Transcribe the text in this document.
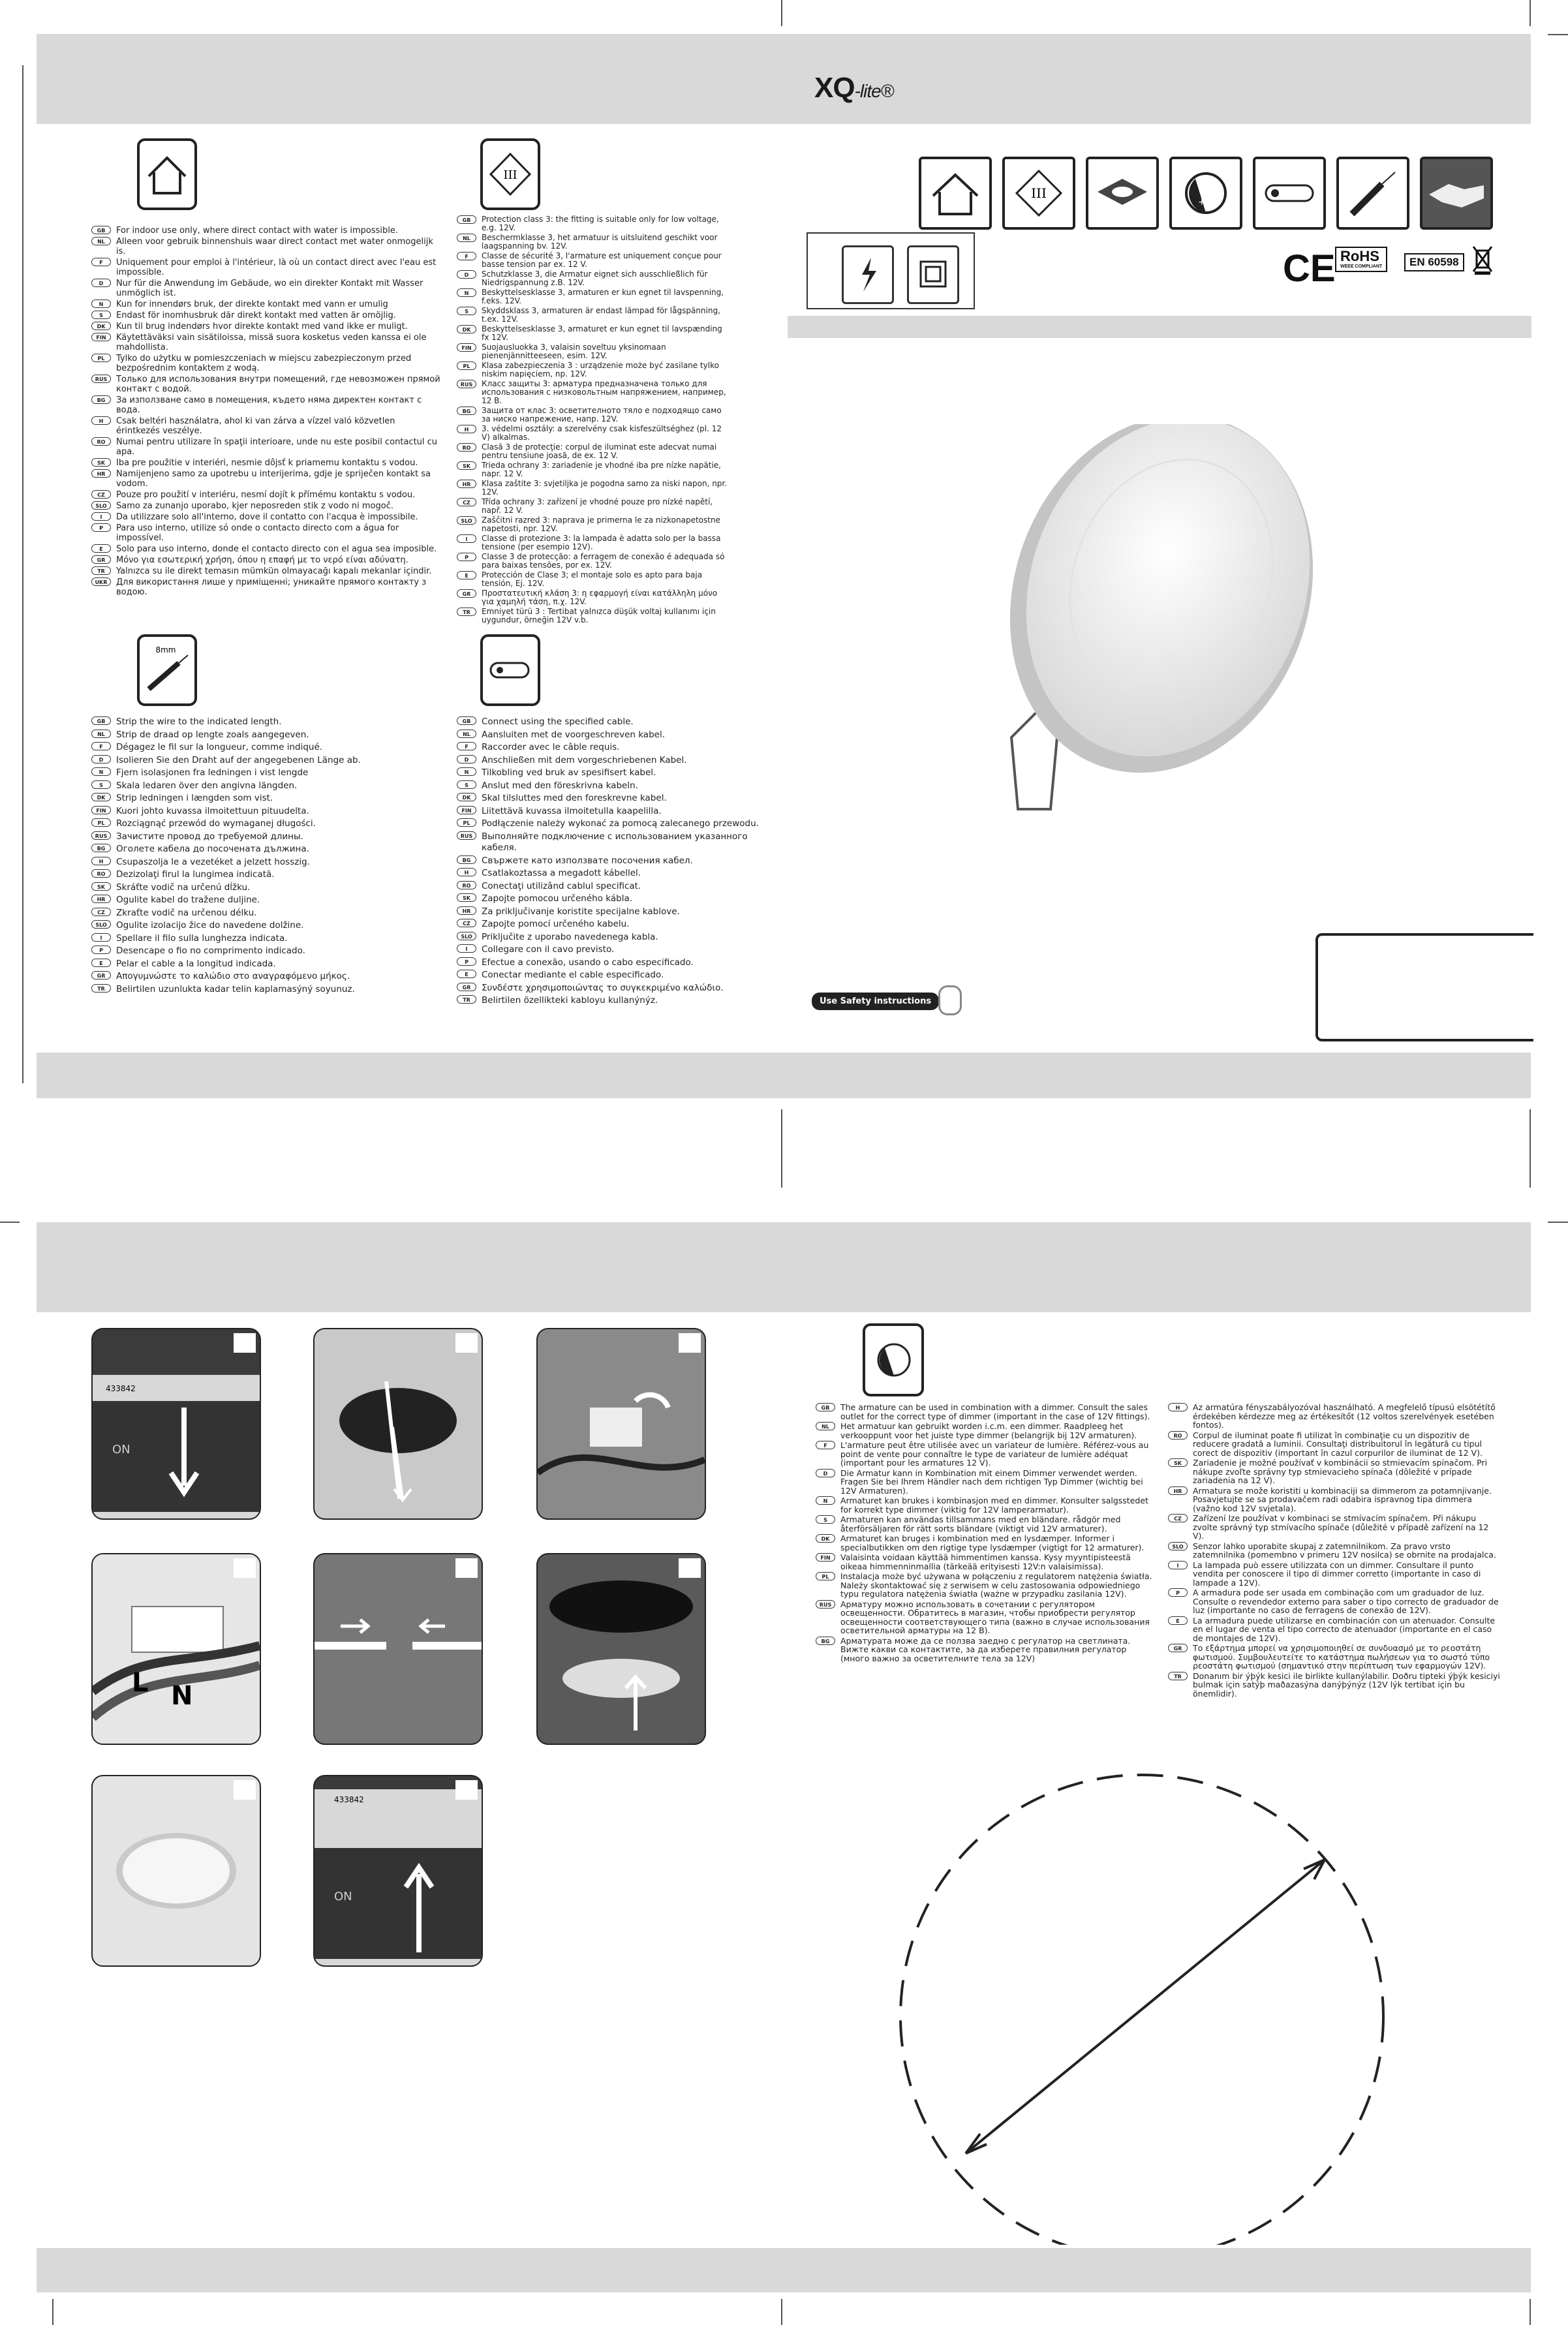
XQ-lite®
III
8mm
III
+
CE RoHS
WEEE COMPLIANT	EN 60598
Use Safety instructions
GB	For indoor use only, where direct contact with water is impossible.
NL	Alleen voor gebruik binnenshuis waar direct contact met water onmogelijk is.
F	Uniquement pour emploi à l'intérieur, là où un contact direct avec l'eau est impossible.
D	Nur für die Anwendung im Gebäude, wo ein direkter Kontakt mit Wasser unmöglich ist.
N	Kun for innendørs bruk, der direkte kontakt med vann er umulig
S	Endast för inomhusbruk där direkt kontakt med vatten är omöjlig.
DK	Kun til brug indendørs hvor direkte kontakt med vand ikke er muligt.
FIN	Käytettäväksi vain sisätiloissa, missä suora kosketus veden kanssa ei ole mahdollista.
PL	Tylko do użytku w pomieszczeniach w miejscu zabezpieczonym przed bezpośrednim kontaktem z wodą.
RUS	Только для использования внутри помещений, где невозможен прямой контакт с водой.
BG	За използване само в помещения, където няма директен контакт с вода.
H	Csak beltéri használatra, ahol ki van zárva a vízzel való közvetlen érintkezés veszélye.
RO	Numai pentru utilizare în spaţii interioare, unde nu este posibil contactul cu apa.
SK	Iba pre použitie v interiéri, nesmie dôjsť k priamemu kontaktu s vodou.
HR	Namijenjeno samo za upotrebu u interijerima, gdje je spriječen kontakt sa vodom.
CZ	Pouze pro použití v interiéru, nesmí dojít k přímému kontaktu s vodou.
SLO	Samo za zunanjo uporabo, kjer neposreden stik z vodo ni mogoč.
I	Da utilizzare solo all'interno, dove il contatto con l'acqua è impossibile.
P	Para uso interno, utilize só onde o contacto directo com a água for impossível.
E	Solo para uso interno, donde el contacto directo con el agua sea imposible.
GR	Μόνο για εσωτερική χρήση, όπου η επαφή με το νερό είναι αδύνατη.
TR	Yalnızca su ile direkt temasın mümkün olmayacağı kapalı mekanlar içindir.
UKR	Для використання лише у приміщенні; уникайте прямого контакту з водою.
GB	Protection class 3: the fitting is suitable only for low voltage, e.g. 12V.
NL	Beschermklasse 3, het armatuur is uitsluitend geschikt voor laagspanning bv. 12V.
F	Classe de sécurité 3, l'armature est uniquement conçue pour basse tension par ex. 12 V.
D	Schutzklasse 3, die Armatur eignet sich ausschließlich für Niedrigspannung z.B. 12V.
N	Beskyttelsesklasse 3, armaturen er kun egnet til lavspenning, f.eks. 12V.
S	Skyddsklass 3, armaturen är endast lämpad för lågspänning, t.ex. 12V.
DK	Beskyttelsesklasse 3, armaturet er kun egnet til lavspænding fx 12V.
FIN	Suojausluokka 3, valaisin soveltuu yksinomaan pienenjännitteeseen, esim. 12V.
PL	Klasa zabezpieczenia 3 : urządzenie może być zasilane tylko niskim napięciem, np. 12V.
RUS	Класс защиты 3: арматура предназначена только для использования с низковольтным напряжением, например, 12 В.
BG	Защита от клас 3: осветителното тяло е подходящо само за ниско напрежение, напр. 12V.
H	3. védelmi osztály: a szerelvény csak kisfeszültséghez (pl. 12 V) alkalmas.
RO	Clasă 3 de protecţie: corpul de iluminat este adecvat numai pentru tensiune joasă, de ex. 12 V.
SK	Trieda ochrany 3: zariadenie je vhodné iba pre nízke napätie, napr. 12 V.
HR	Klasa zaštite 3: svjetiljka je pogodna samo za niski napon, npr. 12V.
CZ	Třída ochrany 3: zařízení je vhodné pouze pro nízké napětí, např. 12 V.
SLO	Zaščitni razred 3: naprava je primerna le za nizkonapetostne napetosti, npr. 12V.
I	Classe di protezione 3: la lampada è adatta solo per la bassa tensione (per esempio 12V).
P	Classe 3 de protecção: a ferragem de conexão é adequada só para baixas tensões, por ex. 12V.
E	Protección de Clase 3; el montaje solo es apto para baja tensión, Ej. 12V.
GR	Προστατευτική κλάση 3: η εφαρμογή είναι κατάλληλη μόνο για χαμηλή τάση, π.χ. 12V.
TR	Emniyet türü 3 : Tertibat yalnızca düşük voltaj kullanımı için uygundur, örneğin 12V v.b.
GB	Strip the wire to the indicated length.
NL	Strip de draad op lengte zoals aangegeven.
F	Dégagez le fil sur la longueur, comme indiqué.
D	Isolieren Sie den Draht auf der angegebenen Länge ab.
N	Fjern isolasjonen fra ledningen i vist lengde
S	Skala ledaren över den angivna längden.
DK	Strip ledningen i længden som vist.
FIN	Kuori johto kuvassa ilmoitettuun pituudelta.
PL	Rozciągnąć przewód do wymaganej długości.
RUS	Зачистите провод до требуемой длины.
BG	Оголете кабела до посочената дължина.
H	Csupaszolja le a vezetéket a jelzett hosszig.
RO	Dezizolaţi firul la lungimea indicată.
SK	Skráťte vodič na určenú dĺžku.
HR	Ogulite kabel do tražene duljine.
CZ	Zkraťte vodič na určenou délku.
SLO	Ogulite izolacijo žice do navedene dolžine.
I	Spellare il filo sulla lunghezza indicata.
P	Desencape o fio no comprimento indicado.
E	Pelar el cable a la longitud indicada.
GR	Απογυμνώστε το καλώδιο στο αναγραφόμενο μήκος.
TR	Belirtilen uzunlukta kadar telin kaplamasýný soyunuz.
GB	Connect using the specified cable.
NL	Aansluiten met de voorgeschreven kabel.
F	Raccorder avec le câble requis.
D	Anschließen mit dem vorgeschriebenen Kabel.
N	Tilkobling ved bruk av spesifisert kabel.
S	Anslut med den föreskrivna kabeln.
DK	Skal tilsluttes med den foreskrevne kabel.
FIN	Liitettävä kuvassa ilmoitetulla kaapelilla.
PL	Podłączenie należy wykonać za pomocą zalecanego przewodu.
RUS	Выполняйте подключение с использованием указанного кабеля.
BG	Свържете като използвате посочения кабел.
H	Csatlakoztassa a megadott kábellel.
RO	Conectaţi utilizând cablul specificat.
SK	Zapojte pomocou určeného kábla.
HR	Za priključivanje koristite specijalne kablove.
CZ	Zapojte pomocí určeného kabelu.
SLO	Priključite z uporabo navedenega kabla.
I	Collegare con il cavo previsto.
P	Efectue a conexão, usando o cabo especificado.
E	Conectar mediante el cable especificado.
GR	Συνδέστε χρησιμοποιώντας το συγκεκριμένο καλώδιο.
TR	Belirtilen özellikteki kabloyu kullanýnýz.
433842
ON
L N
433842
ON
GB	The armature can be used in combination with a dimmer. Consult the sales outlet for the correct type of dimmer (important in the case of 12V fittings).
NL	Het armatuur kan gebruikt worden i.c.m. een dimmer. Raadpleeg het verkooppunt voor het juiste type dimmer (belangrijk bij 12V armaturen).
F	L'armature peut être utilisée avec un variateur de lumière. Référez-vous au point de vente pour connaître le type de variateur de lumière adéquat (important pour les armatures 12 V).
D	Die Armatur kann in Kombination mit einem Dimmer verwendet werden. Fragen Sie bei Ihrem Händler nach dem richtigen Typ Dimmer (wichtig bei 12V Armaturen).
N	Armaturet kan brukes i kombinasjon med en dimmer. Konsulter salgsstedet for korrekt type dimmer (viktig for 12V lamperarmatur).
S	Armaturen kan användas tillsammans med en bländare. rådgör med återförsäljaren för rätt sorts bländare (viktigt vid 12V armaturer).
DK	Armaturet kan bruges i kombination med en lysdæmper. Informer i specialbutikken om den rigtige type lysdæmper (vigtigt for 12 armaturer).
FIN	Valaisinta voidaan käyttää himmentimen kanssa. Kysy myyntipisteestä oikeaa himmenninmallia (tärkeää erityisesti 12V:n valaisimissa).
PL	Instalacja może być używana w połączeniu z regulatorem natężenia światła. Należy skontaktować się z serwisem w celu zastosowania odpowiedniego typu regulatora natężenia światła (ważne w przypadku zasilania 12V).
RUS	Арматуру можно использовать в сочетании с регулятором освещенности. Обратитесь в магазин, чтобы приобрести регулятор освещенности соответствующего типа (важно в случае использования осветительной арматуры на 12 В).
BG	Арматурата може да се ползва заедно с регулатор на светлината. Вижте какви са контактите, за да изберете правилния регулатор (много важно за осветителните тела за 12V)
H	Az armatúra fényszabályozóval használható. A megfelelő típusú elsötétítő érdekében kérdezze meg az értékesítőt (12 voltos szerelvények esetében fontos).
RO	Corpul de iluminat poate fi utilizat în combinaţie cu un dispozitiv de reducere gradată a luminii. Consultaţi distribuitorul în legătură cu tipul corect de dispozitiv (important în cazul corpurilor de iluminat de 12 V).
SK	Zariadenie je možné používať v kombinácii so stmievacím spínačom. Pri nákupe zvoľte správny typ stmievacieho spínača (dôležité v prípade zariadenia na 12 V).
HR	Armatura se može koristiti u kombinaciji sa dimmerom za potamnjivanje. Posavjetujte se sa prodavačem radi odabira ispravnog tipa dimmera (važno kod 12V svjetala).
CZ	Zařízení lze používat v kombinaci se stmívacím spínačem. Při nákupu zvolte správný typ stmívacího spínače (důležité v případě zařízení na 12 V).
SLO	Senzor lahko uporabite skupaj z zatemnilnikom. Za pravo vrsto zatemnilnika (pomembno v primeru 12V nosilca) se obrnite na prodajalca.
I	La lampada può essere utilizzata con un dimmer. Consultare il punto vendita per conoscere il tipo di dimmer corretto (importante in caso di lampade a 12V).
P	A armadura pode ser usada em combinação com um graduador de luz. Consulte o revendedor externo para saber o tipo correcto de graduador de luz (importante no caso de ferragens de conexão de 12V).
E	La armadura puede utilizarse en combinación con un atenuador. Consulte en el lugar de venta el tipo correcto de atenuador (importante en el caso de montajes de 12V).
GR	Το εξάρτημα μπορεί να χρησιμοποιηθεί σε συνδυασμό με το ρεοστάτη φωτισμού. Συμβουλευτείτε το κατάστημα πωλήσεων για το σωστό τύπο ρεοστάτη φωτισμού (σημαντικό στην περίπτωση των εφαρμογών 12V).
TR	Donanım bir ýþýk kesici ile birlikte kullanýlabilir. Doðru tipteki ýþýk kesiciyi bulmak için satýþ maðazasýna danýþýnýz (12V lýk tertibat için bu önemlidir).
